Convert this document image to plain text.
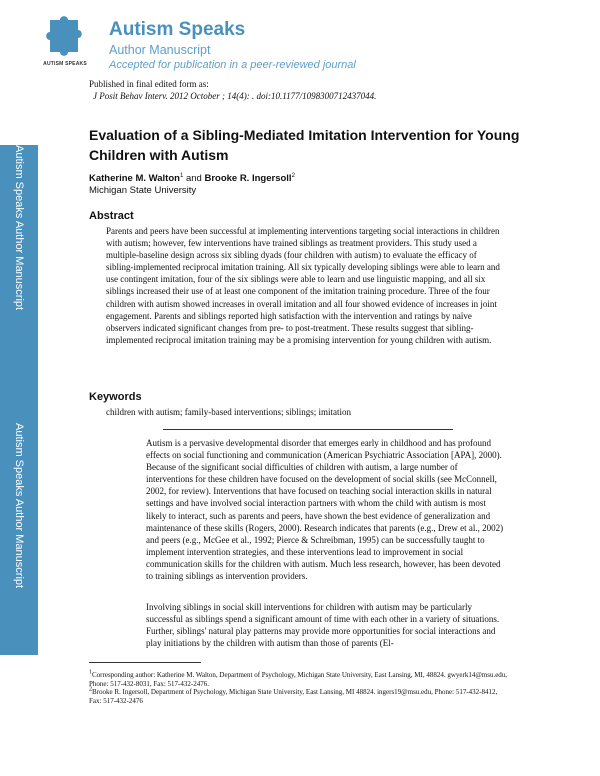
AUTISM SPEAKS
Autism Speaks
Author Manuscript
Accepted for publication in a peer-reviewed journal
Published in final edited form as:
J Posit Behav Interv. 2012 October ; 14(4): . doi:10.1177/1098300712437044.
Autism Speaks Author Manuscript
Autism Speaks Author Manuscript
Evaluation of a Sibling-Mediated Imitation Intervention for Young Children with Autism
Katherine M. Walton$^1$ and Brooke R. Ingersoll$^2$
Michigan State University
Abstract
Parents and peers have been successful at implementing interventions targeting social interactions in children with autism; however, few interventions have trained siblings as treatment providers. This study used a multiple-baseline design across six sibling dyads (four children with autism) to evaluate the efficacy of sibling-implemented reciprocal imitation training. All six typically developing siblings were able to learn and use contingent imitation, four of the six siblings were able to learn and use linguistic mapping, and all six siblings increased their use of at least one component of the imitation training procedure. Three of the four children with autism showed increases in overall imitation and all four showed evidence of increases in joint engagement. Parents and siblings reported high satisfaction with the intervention and ratings by naïve observers indicated significant changes from pre- to post-treatment. These results suggest that sibling-implemented reciprocal imitation training may be a promising intervention for young children with autism.
Keywords
children with autism; family-based interventions; siblings; imitation
Autism is a pervasive developmental disorder that emerges early in childhood and has profound effects on social functioning and communication (American Psychiatric Association [APA], 2000). Because of the significant social difficulties of children with autism, a large number of interventions for these children have focused on the development of social skills (see McConnell, 2002, for review). Interventions that have focused on teaching social interaction skills in natural settings and have involved social interaction partners with whom the child with autism is most likely to interact, such as parents and peers, have shown the best evidence of generalization and maintenance of these skills (Rogers, 2000). Research indicates that parents (e.g., Drew et al., 2002) and peers (e.g., McGee et al., 1992; Pierce & Schreibman, 1995) can be successfully taught to implement intervention strategies, and these interventions lead to improvement in social communication skills for the children with autism. Much less research, however, has been devoted to training siblings as intervention providers.
Involving siblings in social skill interventions for children with autism may be particularly successful as siblings spend a significant amount of time with each other in a variety of situations. Further, siblings' natural play patterns may provide more opportunities for social interactions and play initiations by the children with autism than those of parents (El-
$^1$Corresponding author: Katherine M. Walton, Department of Psychology, Michigan State University, East Lansing, MI, 48824. gwyerk14@msu.edu, Phone: 517-432-8031, Fax: 517-432-2476.
$^2$Brooke R. Ingersoll, Department of Psychology, Michigan State University, East Lansing, MI 48824. ingers19@msu.edu, Phone: 517-432-8412, Fax: 517-432-2476
